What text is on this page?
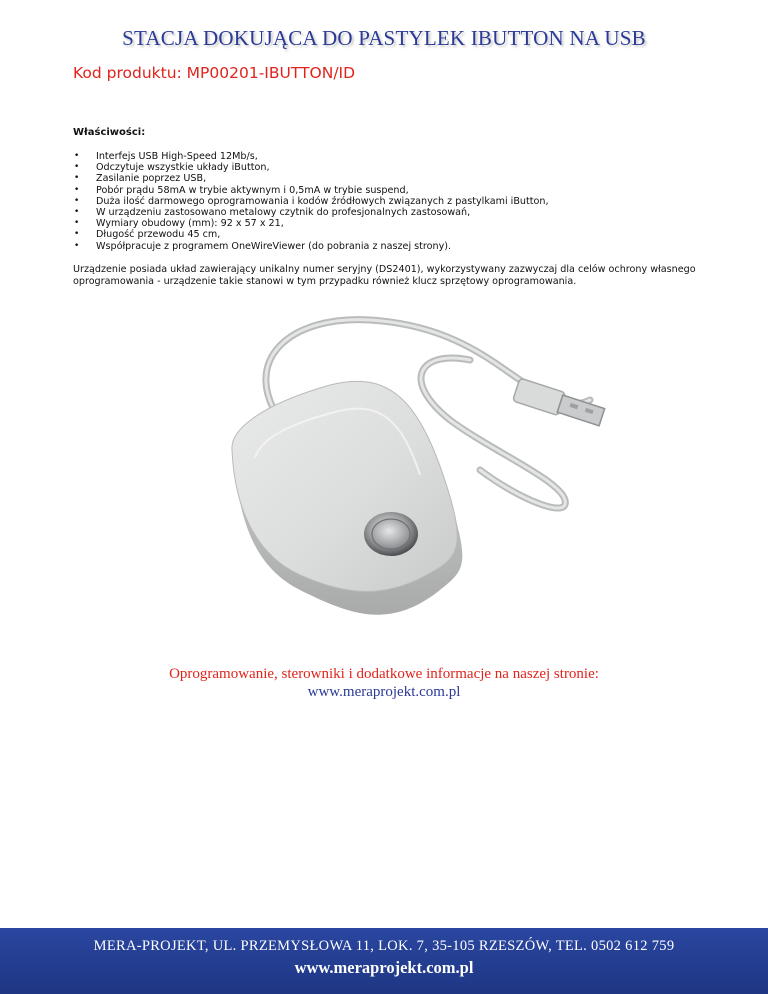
STACJA DOKUJĄCA DO PASTYLEK IBUTTON NA USB
Kod produktu: MP00201-IBUTTON/ID
Właściwości:
• Interfejs USB High-Speed 12Mb/s,
• Odczytuje wszystkie układy iButton,
• Zasilanie poprzez USB,
• Pobór prądu 58mA w trybie aktywnym i 0,5mA w trybie suspend,
• Duża ilość darmowego oprogramowania i kodów źródłowych związanych z pastylkami iButton,
• W urządzeniu zastosowano metalowy czytnik do profesjonalnych zastosowań,
• Wymiary obudowy (mm): 92 x 57 x 21,
• Długość przewodu 45 cm,
• Współpracuje z programem OneWireViewer (do pobrania z naszej strony).
Urządzenie posiada układ zawierający unikalny numer seryjny (DS2401), wykorzystywany zazwyczaj dla celów ochrony własnego oprogramowania - urządzenie takie stanowi w tym przypadku również klucz sprzętowy oprogramowania.
Oprogramowanie, sterowniki i dodatkowe informacje na naszej stronie:
www.meraprojekt.com.pl
MERA-PROJEKT, UL. PRZEMYSŁOWA 11, LOK. 7, 35-105 RZESZÓW, TEL. 0502 612 759
www.meraprojekt.com.pl
